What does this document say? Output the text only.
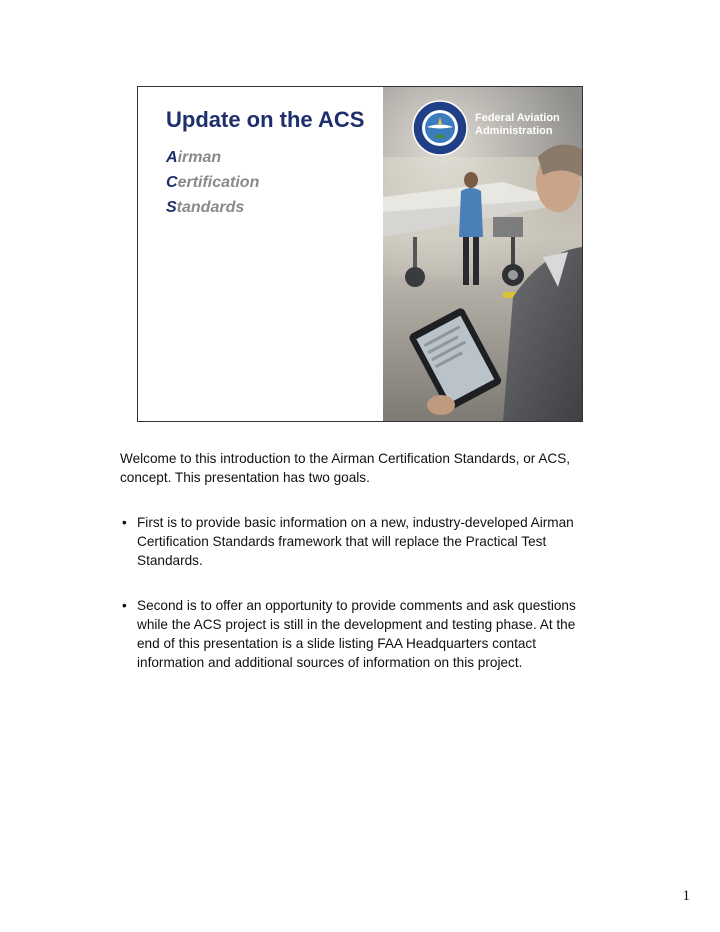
Update on the ACS
Airman
Certification
Standards
Federal Aviation
Administration

Welcome to this introduction to the Airman Certification Standards, or ACS, concept. This presentation has two goals.

• First is to provide basic information on a new, industry-developed Airman Certification Standards framework that will replace the Practical Test Standards.
• Second is to offer an opportunity to provide comments and ask questions while the ACS project is still in the development and testing phase. At the end of this presentation is a slide listing FAA Headquarters contact information and additional sources of information on this project.
1
